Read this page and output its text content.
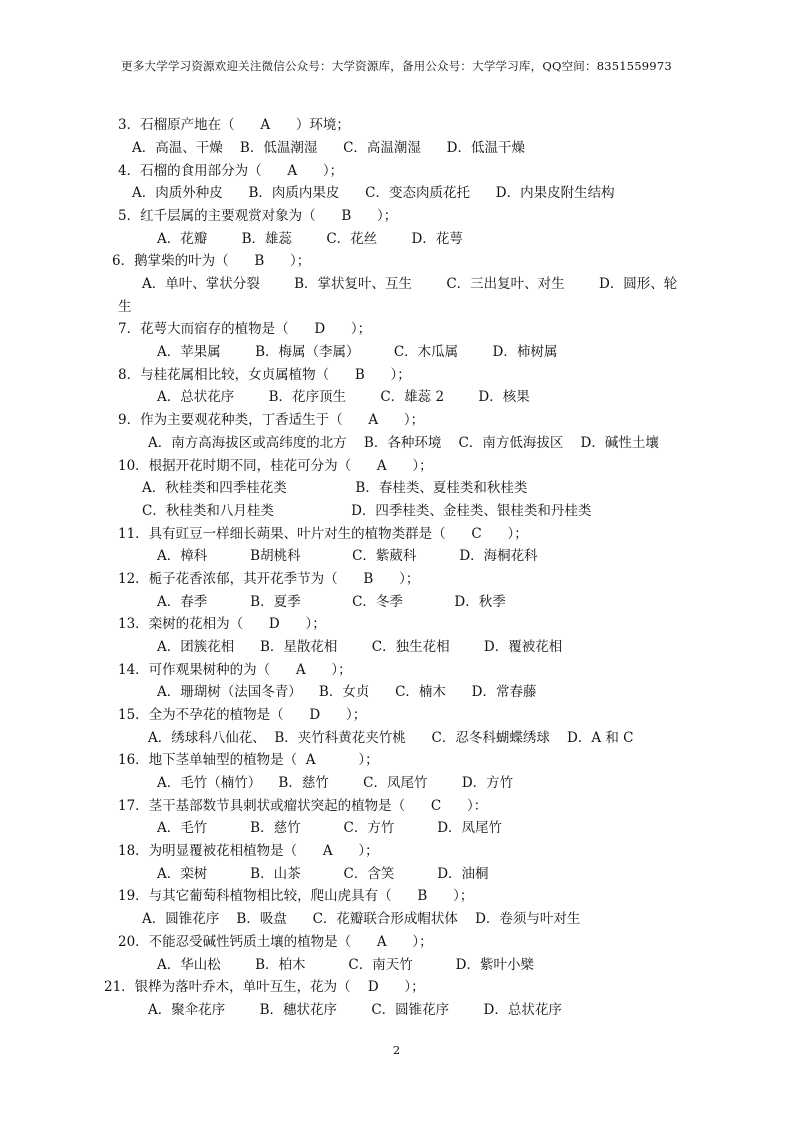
更多大学学习资源欢迎关注微信公众号：大学资源库，备用公众号：大学学习库，QQ空间：8351559973
3．石榴原产地在（      A      ）环境；
A．高温、干燥    B．低温潮湿      C．高温潮湿      D．低温干燥
4．石榴的食用部分为（      A      ）；
A．肉质外种皮      B．肉质内果皮      C．变态肉质花托      D．内果皮附生结构
5．红千层属的主要观赏对象为（      B      ）；
A．花瓣        B．雄蕊        C．花丝        D．花萼
6．鹅掌柴的叶为（      B      ）；
A．单叶、掌状分裂        B．掌状复叶、互生        C．三出复叶、对生        D．圆形、轮
生
7．花萼大而宿存的植物是（      D      ）；
A．苹果属        B．梅属（李属）        C．木瓜属        D．柿树属
8．与桂花属相比较，女贞属植物（      B      ）；
A．总状花序        B．花序顶生        C．雄蕊 2        D．核果
9．作为主要观花种类，丁香适生于（      A      ）；
A．南方高海拔区或高纬度的北方    B．各种环境    C．南方低海拔区    D．碱性土壤
10．根据开花时期不同，桂花可分为（      A      ）；
A．秋桂类和四季桂花类                B．春桂类、夏桂类和秋桂类
C．秋桂类和八月桂类                  D．四季桂类、金桂类、银桂类和丹桂类
11．具有豇豆一样细长蒴果、叶片对生的植物类群是（      C      ）；
A．樟科          B胡桃科            C．紫葳科          D．海桐花科
12．栀子花香浓郁，其开花季节为（      B      ）；
A．春季          B．夏季            C．冬季            D．秋季
13．栾树的花相为（      D      ）；
A．团簇花相      B．星散花相        C．独生花相        D．覆被花相
14．可作观果树种的为（      A      ）；
A．珊瑚树（法国冬青）    B．女贞      C．楠木      D．常春藤
15．全为不孕花的植物是（      D      ）；
A．绣球科八仙花、  B．夹竹科黄花夹竹桃      C．忍冬科蝴蝶绣球    D．A 和 C
16．地下茎单轴型的植物是（  A          ）；
A．毛竹（楠竹）    B．慈竹        C．凤尾竹        D．方竹
17．茎干基部数节具刺状或瘤状突起的植物是（      C      ）：
A．毛竹          B．慈竹          C．方竹          D．凤尾竹
18．为明显覆被花相植物是（      A      ）；
A．栾树          B．山茶          C．含笑          D．油桐
19．与其它葡萄科植物相比较，爬山虎具有（      B      ）；
A．圆锥花序    B．吸盘      C．花瓣联合形成帽状体    D．卷须与叶对生
20．不能忍受碱性钙质土壤的植物是（      A      ）；
A．华山松        B．柏木          C．南天竹          D．紫叶小檗
21．银桦为落叶乔木，单叶互生，花为（    D      ）；
A．聚伞花序        B．穗状花序        C．圆锥花序        D．总状花序
2
